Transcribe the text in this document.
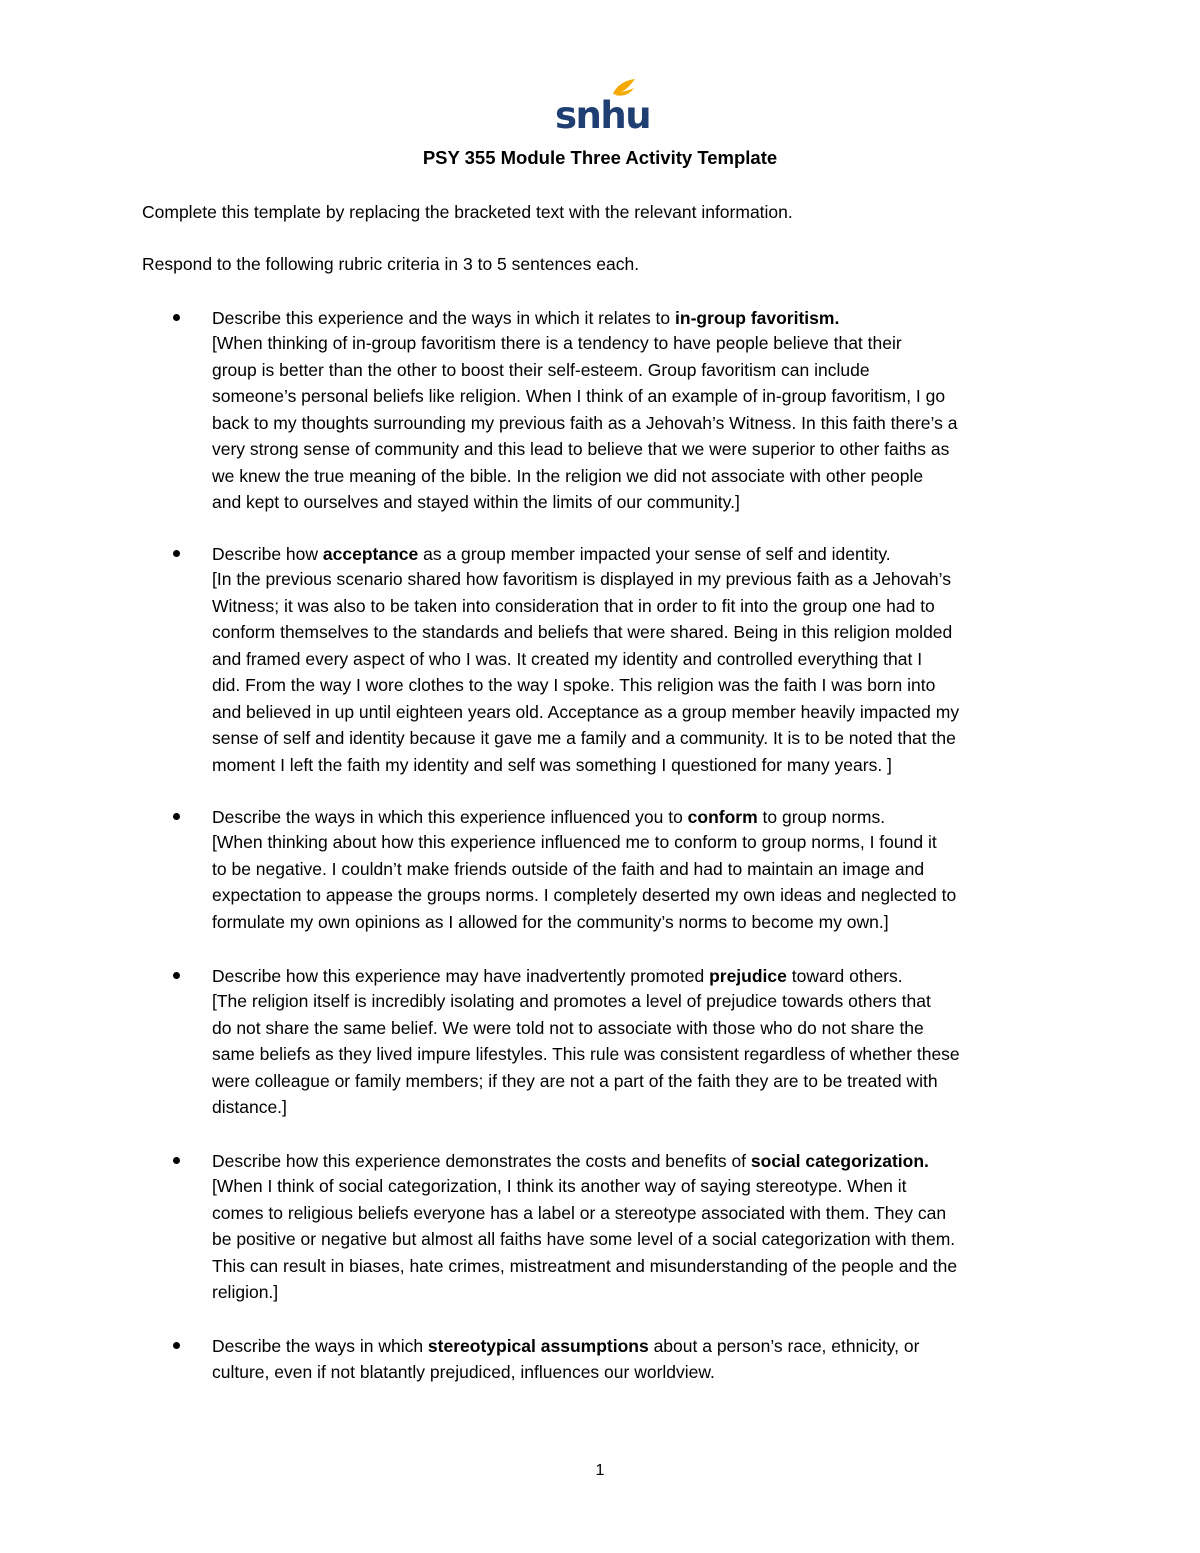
snhu
PSY 355 Module Three Activity Template
Complete this template by replacing the bracketed text with the relevant information.
Respond to the following rubric criteria in 3 to 5 sentences each.
Describe this experience and the ways in which it relates to in-group favoritism.
[When thinking of in-group favoritism there is a tendency to have people believe that their
group is better than the other to boost their self-esteem. Group favoritism can include
someone’s personal beliefs like religion. When I think of an example of in-group favoritism, I go
back to my thoughts surrounding my previous faith as a Jehovah’s Witness. In this faith there’s a
very strong sense of community and this lead to believe that we were superior to other faiths as
we knew the true meaning of the bible. In the religion we did not associate with other people
and kept to ourselves and stayed within the limits of our community.]
Describe how acceptance as a group member impacted your sense of self and identity.
[In the previous scenario shared how favoritism is displayed in my previous faith as a Jehovah’s
Witness; it was also to be taken into consideration that in order to fit into the group one had to
conform themselves to the standards and beliefs that were shared. Being in this religion molded
and framed every aspect of who I was. It created my identity and controlled everything that I
did. From the way I wore clothes to the way I spoke. This religion was the faith I was born into
and believed in up until eighteen years old. Acceptance as a group member heavily impacted my
sense of self and identity because it gave me a family and a community. It is to be noted that the
moment I left the faith my identity and self was something I questioned for many years. ]
Describe the ways in which this experience influenced you to conform to group norms.
[When thinking about how this experience influenced me to conform to group norms, I found it
to be negative. I couldn’t make friends outside of the faith and had to maintain an image and
expectation to appease the groups norms. I completely deserted my own ideas and neglected to
formulate my own opinions as I allowed for the community’s norms to become my own.]
Describe how this experience may have inadvertently promoted prejudice toward others.
[The religion itself is incredibly isolating and promotes a level of prejudice towards others that
do not share the same belief. We were told not to associate with those who do not share the
same beliefs as they lived impure lifestyles. This rule was consistent regardless of whether these
were colleague or family members; if they are not a part of the faith they are to be treated with
distance.]
Describe how this experience demonstrates the costs and benefits of social categorization.
[When I think of social categorization, I think its another way of saying stereotype. When it
comes to religious beliefs everyone has a label or a stereotype associated with them. They can
be positive or negative but almost all faiths have some level of a social categorization with them.
This can result in biases, hate crimes, mistreatment and misunderstanding of the people and the
religion.]
Describe the ways in which stereotypical assumptions about a person’s race, ethnicity, or
culture, even if not blatantly prejudiced, influences our worldview.
1
